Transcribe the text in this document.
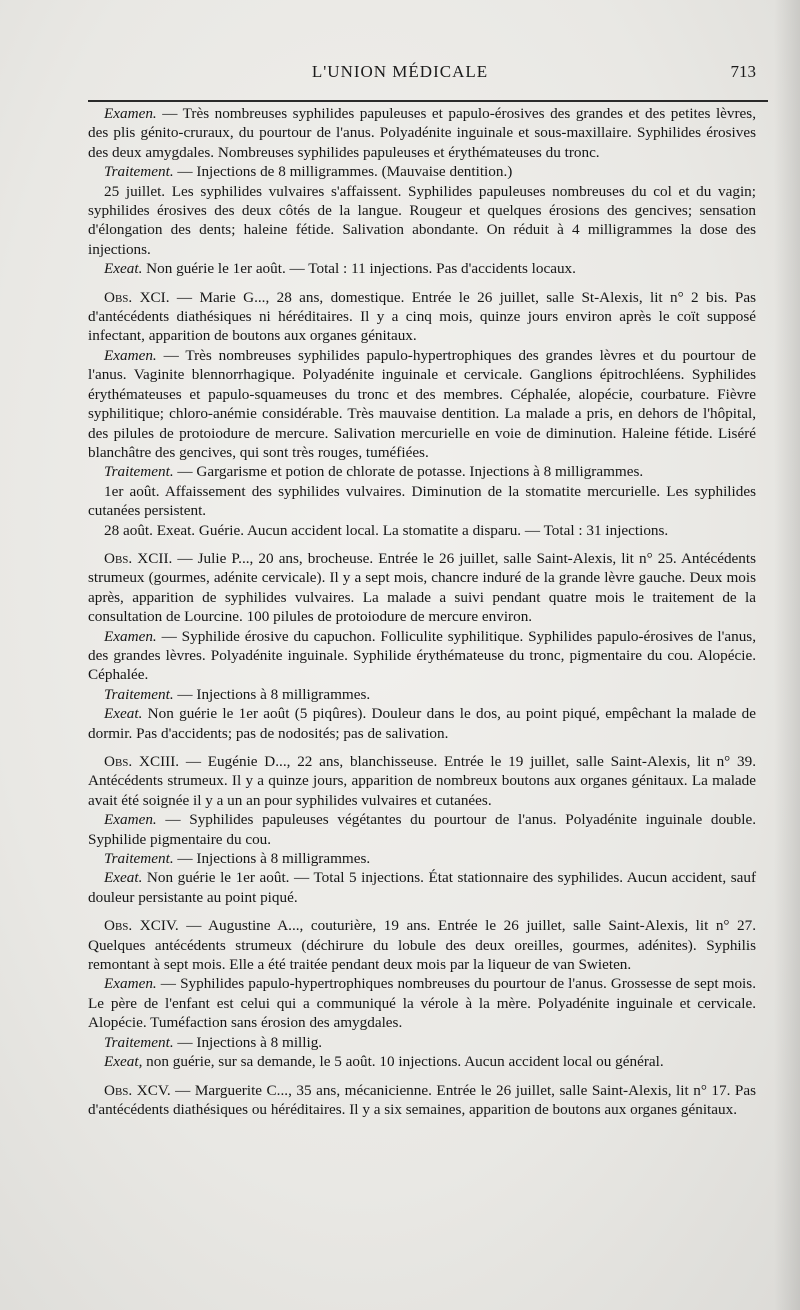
L'UNION MÉDICALE	713

Examen. — Très nombreuses syphilides papuleuses et papulo-érosives des grandes et des petites lèvres, des plis génito-cruraux, du pourtour de l'anus. Polyadénite inguinale et sous-maxillaire. Syphilides érosives des deux amygdales. Nombreuses syphilides papuleuses et érythémateuses du tronc.

Traitement. — Injections de 8 milligrammes. (Mauvaise dentition.)

25 juillet. Les syphilides vulvaires s'affaissent. Syphilides papuleuses nombreuses du col et du vagin; syphilides érosives des deux côtés de la langue. Rougeur et quelques érosions des gencives; sensation d'élongation des dents; haleine fétide. Salivation abondante. On réduit à 4 milligrammes la dose des injections.

Exeat. Non guérie le 1er août. — Total : 11 injections. Pas d'accidents locaux.

Obs. XCI. — Marie G..., 28 ans, domestique. Entrée le 26 juillet, salle St-Alexis, lit n° 2 bis. Pas d'antécédents diathésiques ni héréditaires. Il y a cinq mois, quinze jours environ après le coït supposé infectant, apparition de boutons aux organes génitaux.

Examen. — Très nombreuses syphilides papulo-hypertrophiques des grandes lèvres et du pourtour de l'anus. Vaginite blennorrhagique. Polyadénite inguinale et cervicale. Ganglions épitrochléens. Syphilides érythémateuses et papulo-squameuses du tronc et des membres. Céphalée, alopécie, courbature. Fièvre syphilitique; chloro-anémie considérable. Très mauvaise dentition. La malade a pris, en dehors de l'hôpital, des pilules de protoiodure de mercure. Salivation mercurielle en voie de diminution. Haleine fétide. Liséré blanchâtre des gencives, qui sont très rouges, tuméfiées.

Traitement. — Gargarisme et potion de chlorate de potasse. Injections à 8 milligrammes.

1er août. Affaissement des syphilides vulvaires. Diminution de la stomatite mercurielle. Les syphilides cutanées persistent.

28 août. Exeat. Guérie. Aucun accident local. La stomatite a disparu. — Total : 31 injections.

Obs. XCII. — Julie P..., 20 ans, brocheuse. Entrée le 26 juillet, salle Saint-Alexis, lit n° 25. Antécédents strumeux (gourmes, adénite cervicale). Il y a sept mois, chancre induré de la grande lèvre gauche. Deux mois après, apparition de syphilides vulvaires. La malade a suivi pendant quatre mois le traitement de la consultation de Lourcine. 100 pilules de protoiodure de mercure environ.

Examen. — Syphilide érosive du capuchon. Folliculite syphilitique. Syphilides papulo-érosives de l'anus, des grandes lèvres. Polyadénite inguinale. Syphilide érythémateuse du tronc, pigmentaire du cou. Alopécie. Céphalée.

Traitement. — Injections à 8 milligrammes.

Exeat. Non guérie le 1er août (5 piqûres). Douleur dans le dos, au point piqué, empêchant la malade de dormir. Pas d'accidents; pas de nodosités; pas de salivation.

Obs. XCIII. — Eugénie D..., 22 ans, blanchisseuse. Entrée le 19 juillet, salle Saint-Alexis, lit n° 39. Antécédents strumeux. Il y a quinze jours, apparition de nombreux boutons aux organes génitaux. La malade avait été soignée il y a un an pour syphilides vulvaires et cutanées.

Examen. — Syphilides papuleuses végétantes du pourtour de l'anus. Polyadénite inguinale double. Syphilide pigmentaire du cou.

Traitement. — Injections à 8 milligrammes.

Exeat. Non guérie le 1er août. — Total 5 injections. État stationnaire des syphilides. Aucun accident, sauf douleur persistante au point piqué.

Obs. XCIV. — Augustine A..., couturière, 19 ans. Entrée le 26 juillet, salle Saint-Alexis, lit n° 27. Quelques antécédents strumeux (déchirure du lobule des deux oreilles, gourmes, adénites). Syphilis remontant à sept mois. Elle a été traitée pendant deux mois par la liqueur de van Swieten.

Examen. — Syphilides papulo-hypertrophiques nombreuses du pourtour de l'anus. Grossesse de sept mois. Le père de l'enfant est celui qui a communiqué la vérole à la mère. Polyadénite inguinale et cervicale. Alopécie. Tuméfaction sans érosion des amygdales.

Traitement. — Injections à 8 millig.

Exeat, non guérie, sur sa demande, le 5 août. 10 injections. Aucun accident local ou général.

Obs. XCV. — Marguerite C..., 35 ans, mécanicienne. Entrée le 26 juillet, salle Saint-Alexis, lit n° 17. Pas d'antécédents diathésiques ou héréditaires. Il y a six semaines, apparition de boutons aux organes génitaux.
